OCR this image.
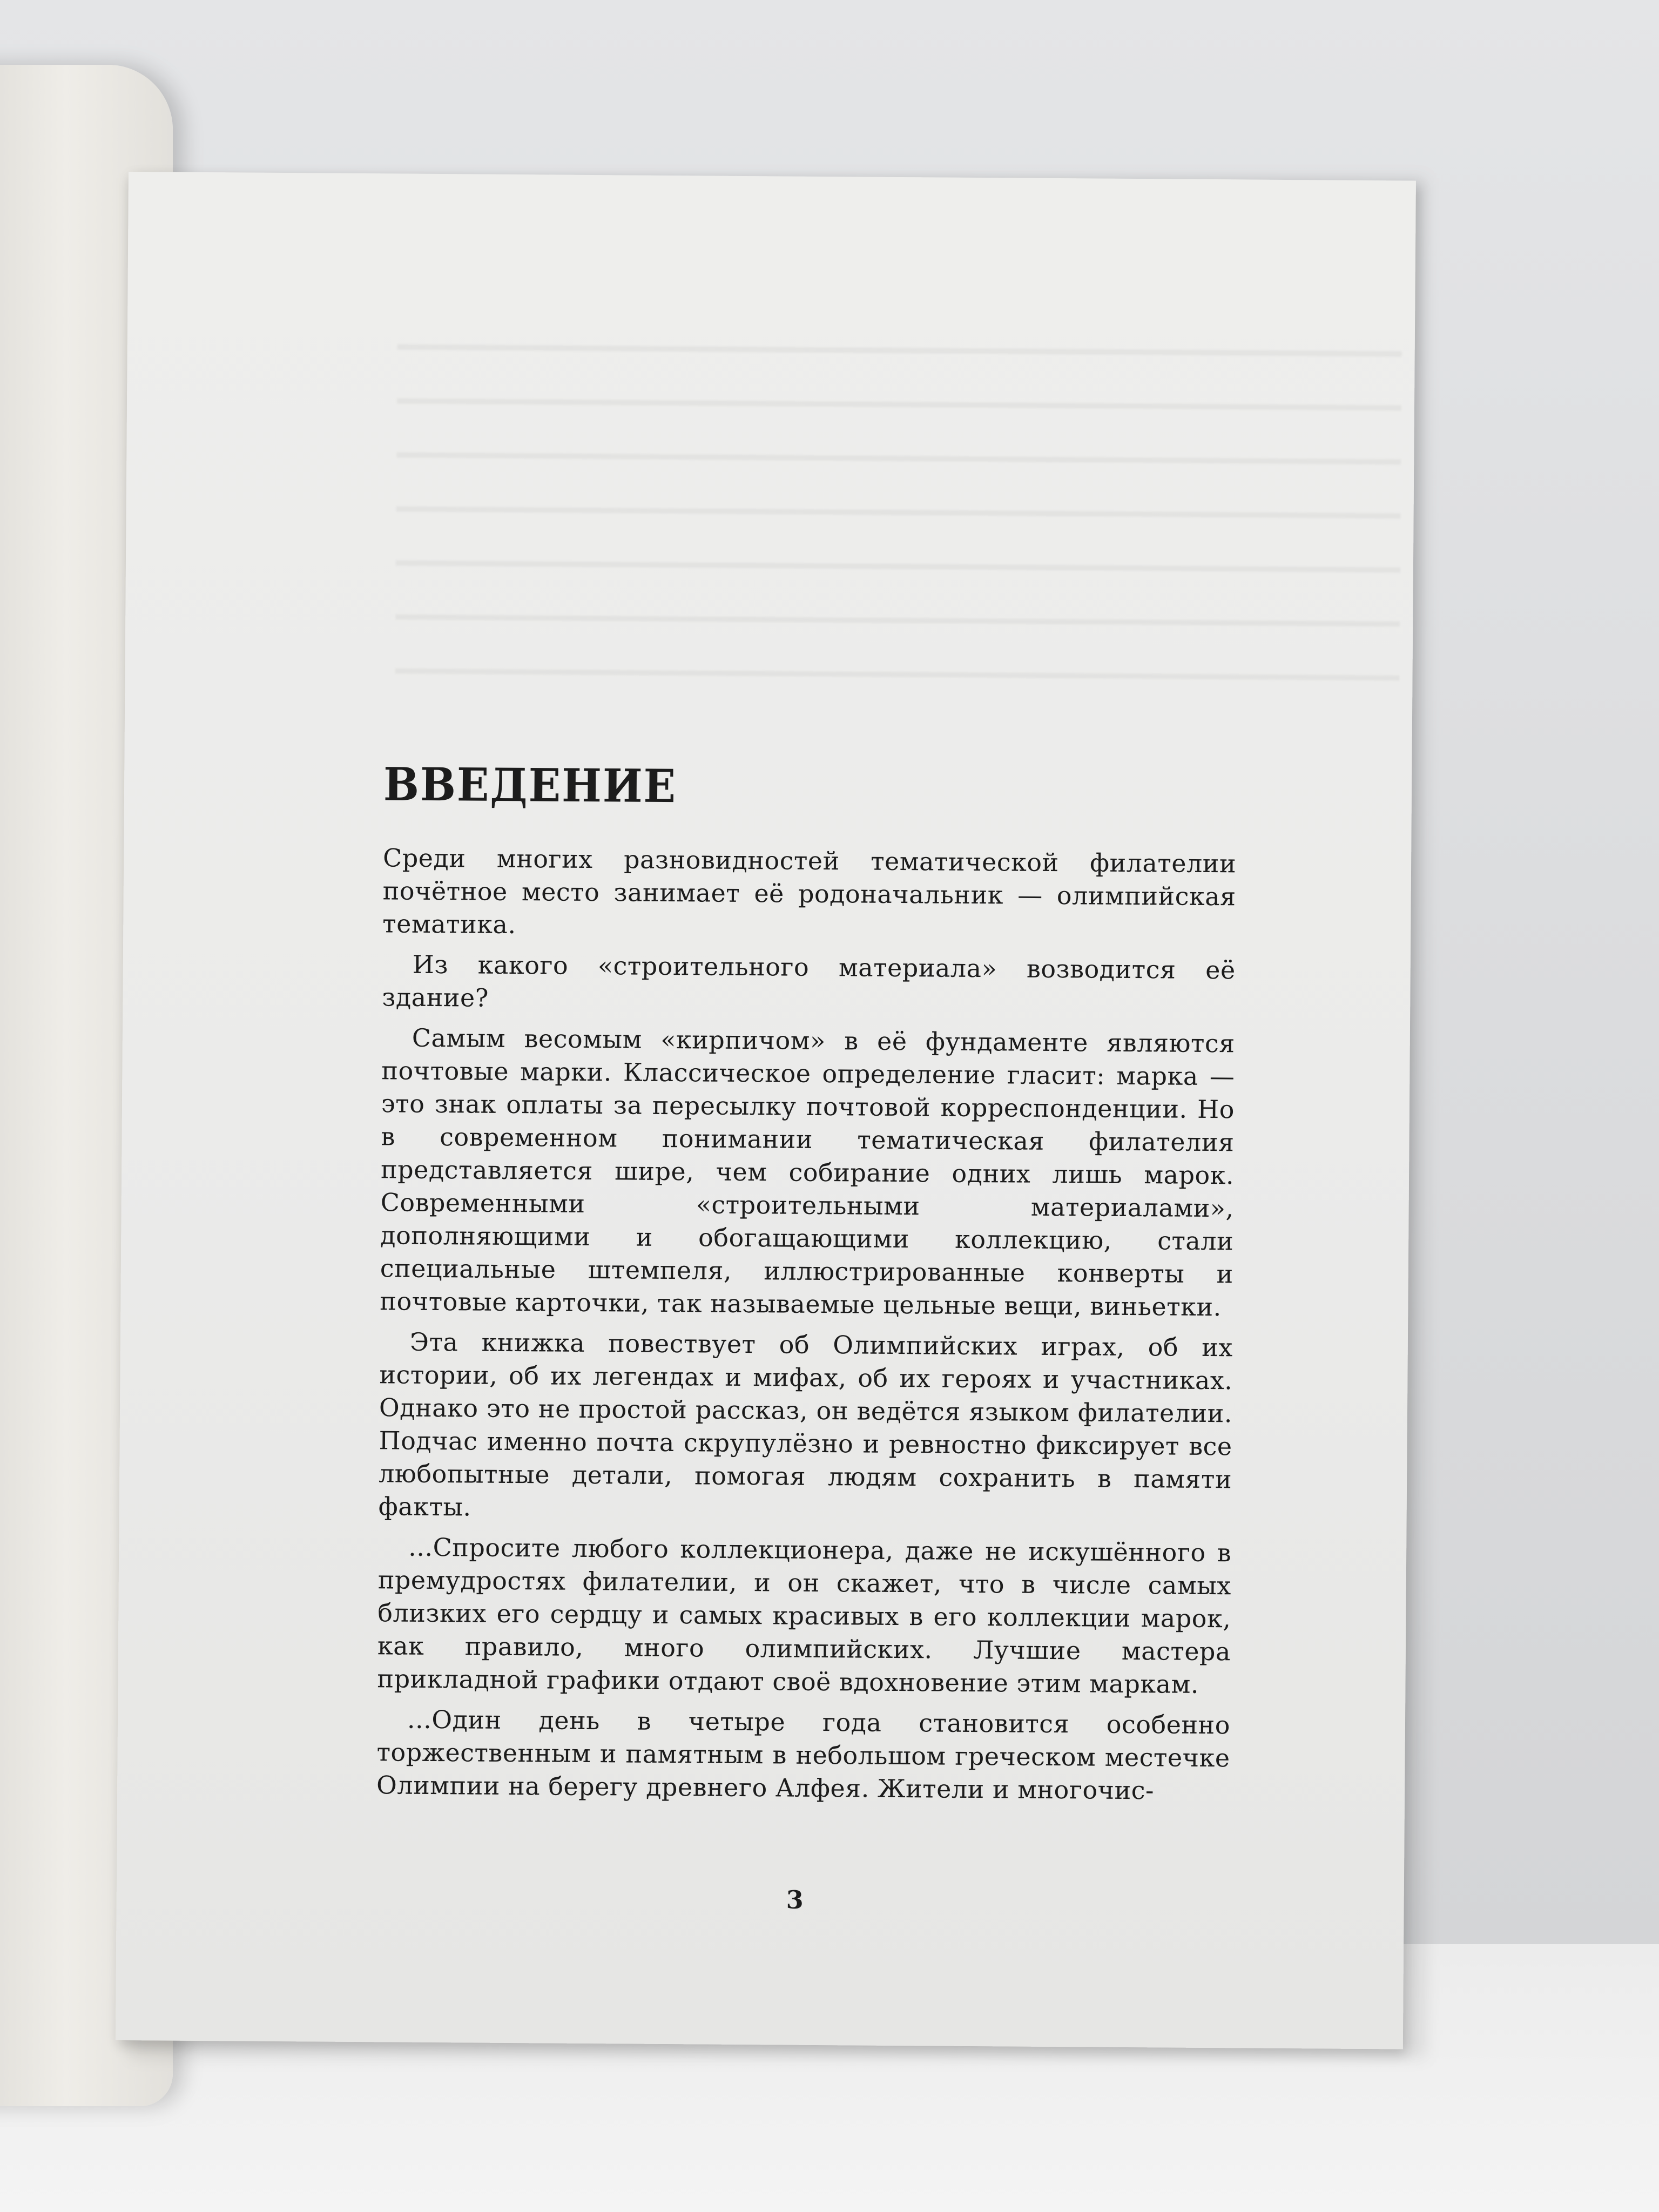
ВВЕДЕНИЕ

Среди многих разновидностей тематической филателии почётное место занимает её родоначальник — олимпийская тематика.

Из какого «строительного материала» возводится её здание?

Самым весомым «кирпичом» в её фундаменте являются почтовые марки. Классическое определение гласит: марка — это знак оплаты за пересылку почтовой корреспонденции. Но в современном понимании тематическая филателия представляется шире, чем собирание одних лишь марок. Современными «строительными материалами», дополняющими и обогащающими коллекцию, стали специальные штемпеля, иллюстрированные конверты и почтовые карточки, так называемые цельные вещи, виньетки.

Эта книжка повествует об Олимпийских играх, об их истории, об их легендах и мифах, об их героях и участниках. Однако это не простой рассказ, он ведётся языком филателии. Подчас именно почта скрупулёзно и ревностно фиксирует все любопытные детали, помогая людям сохранить в памяти факты.

...Спросите любого коллекционера, даже не искушённого в премудростях филателии, и он скажет, что в числе самых близких его сердцу и самых красивых в его коллекции марок, как правило, много олимпийских. Лучшие мастера прикладной графики отдают своё вдохновение этим маркам.

...Один день в четыре года становится особенно торжественным и памятным в небольшом греческом местечке Олимпии на берегу древнего Алфея. Жители и многочис-

3
